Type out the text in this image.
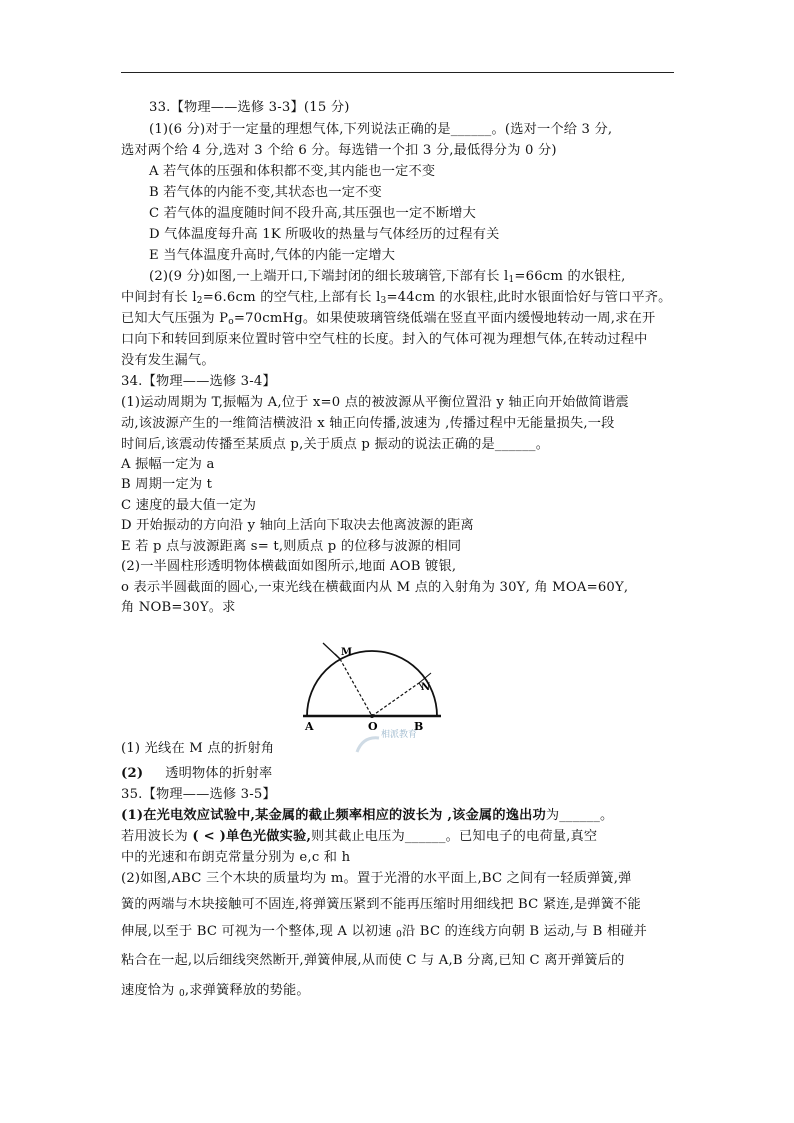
33.【物理——选修 3-3】(15 分)
(1)(6 分)对于一定量的理想气体,下列说法正确的是______。(选对一个给 3 分,
选对两个给 4 分,选对 3 个给 6 分。每选错一个扣 3 分,最低得分为 0 分)
A 若气体的压强和体积都不变,其内能也一定不变
B 若气体的内能不变,其状态也一定不变
C 若气体的温度随时间不段升高,其压强也一定不断增大
D 气体温度每升高 1K 所吸收的热量与气体经历的过程有关
E 当气体温度升高时,气体的内能一定增大
(2)(9 分)如图,一上端开口,下端封闭的细长玻璃管,下部有长 $l_1=66cm$ 的水银柱,
中间封有长 $l_2=6.6cm$ 的空气柱,上部有长 $l_3=44cm$ 的水银柱,此时水银面恰好与管口平齐。
已知大气压强为 $P_o=70cmHg$。如果使玻璃管绕低端在竖直平面内缓慢地转动一周,求在开
口向下和转回到原来位置时管中空气柱的长度。封入的气体可视为理想气体,在转动过程中
没有发生漏气。
34.【物理——选修 3-4】
(1)运动周期为 T,振幅为 A,位于 x=0 点的被波源从平衡位置沿 y 轴正向开始做简谐震
动,该波源产生的一维简洁横波沿 x 轴正向传播,波速为 ,传播过程中无能量损失,一段
时间后,该震动传播至某质点 p,关于质点 p 振动的说法正确的是______。
A 振幅一定为 a
B 周期一定为 t
C 速度的最大值一定为
D 开始振动的方向沿 y 轴向上活向下取决去他离波源的距离
E 若 p 点与波源距离 s= t,则质点 p 的位移与波源的相同
(2)一半圆柱形透明物体横截面如图所示,地面 AOB 镀银,
o 表示半圆截面的圆心,一束光线在横截面内从 M 点的入射角为 30Υ, 角 MOA=60Υ,
角 NOB=30Υ。求
M
N
A	O	B
相派教育
(1) 光线在 M 点的折射角
(2) 透明物体的折射率
35.【物理——选修 3-5】
(1)在光电效应试验中,某金属的截止频率相应的波长为 ,该金属的逸出功为______。
若用波长为 ( < )单色光做实验,则其截止电压为______。已知电子的电荷量,真空
中的光速和布朗克常量分别为 e,c 和 h
(2)如图,ABC 三个木块的质量均为 m。置于光滑的水平面上,BC 之间有一轻质弹簧,弹
簧的两端与木块接触可不固连,将弹簧压紧到不能再压缩时用细线把 BC 紧连,是弹簧不能
伸展,以至于 BC 可视为一个整体,现 A 以初速 $_0$沿 BC 的连线方向朝 B 运动,与 B 相碰并
粘合在一起,以后细线突然断开,弹簧伸展,从而使 C 与 A,B 分离,已知 C 离开弹簧后的
速度恰为 $_0$,求弹簧释放的势能。
